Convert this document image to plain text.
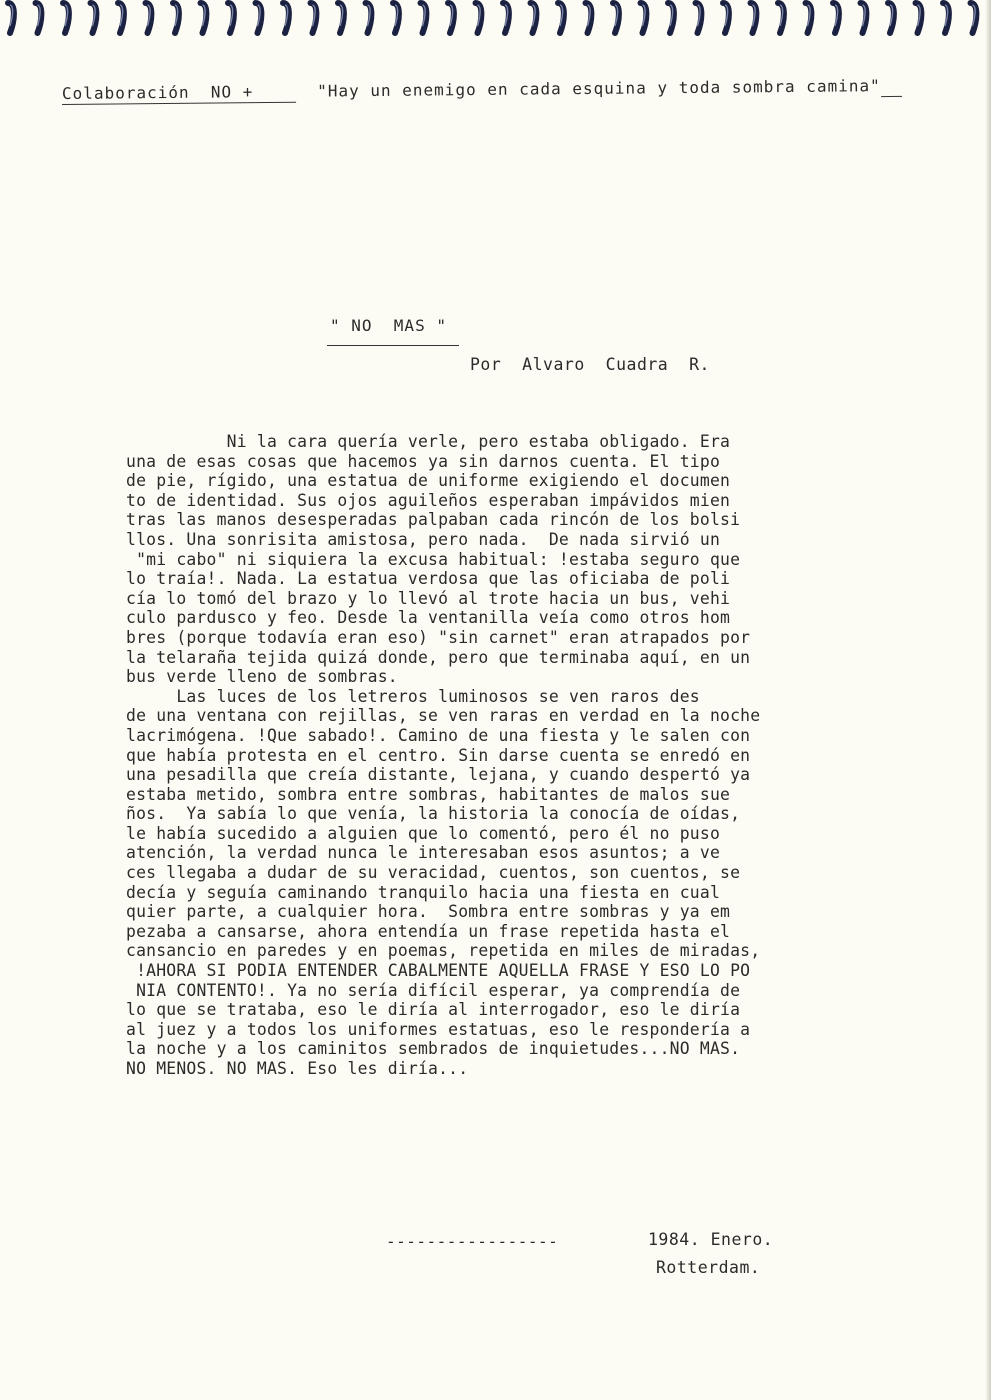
Colaboración NO +	"Hay un enemigo en cada esquina y toda sombra camina"
" NO  MAS "
Por  Alvaro  Cuadra  R.
Ni la cara quería verle, pero estaba obligado. Era
una de esas cosas que hacemos ya sin darnos cuenta. El tipo
de pie, rígido, una estatua de uniforme exigiendo el documen
to de identidad. Sus ojos aguileños esperaban impávidos mien
tras las manos desesperadas palpaban cada rincón de los bolsi
llos. Una sonrisita amistosa, pero nada.  De nada sirvió un
"mi cabo" ni siquiera la excusa habitual: !estaba seguro que
lo traía!. Nada. La estatua verdosa que las oficiaba de poli
cía lo tomó del brazo y lo llevó al trote hacia un bus, vehi
culo pardusco y feo. Desde la ventanilla veía como otros hom
bres (porque todavía eran eso) "sin carnet" eran atrapados por
la telaraña tejida quizá donde, pero que terminaba aquí, en un
bus verde lleno de sombras.
Las luces de los letreros luminosos se ven raros des
de una ventana con rejillas, se ven raras en verdad en la noche
lacrimógena. !Que sabado!. Camino de una fiesta y le salen con
que había protesta en el centro. Sin darse cuenta se enredó en
una pesadilla que creía distante, lejana, y cuando despertó ya
estaba metido, sombra entre sombras, habitantes de malos sue
ños.  Ya sabía lo que venía, la historia la conocía de oídas,
le había sucedido a alguien que lo comentó, pero él no puso
atención, la verdad nunca le interesaban esos asuntos; a ve
ces llegaba a dudar de su veracidad, cuentos, son cuentos, se
decía y seguía caminando tranquilo hacia una fiesta en cual
quier parte, a cualquier hora.  Sombra entre sombras y ya em
pezaba a cansarse, ahora entendía un frase repetida hasta el
cansancio en paredes y en poemas, repetida en miles de miradas,
!AHORA SI PODIA ENTENDER CABALMENTE AQUELLA FRASE Y ESO LO PO
NIA CONTENTO!. Ya no sería difícil esperar, ya comprendía de
lo que se trataba, eso le diría al interrogador, eso le diría
al juez y a todos los uniformes estatuas, eso le respondería a
la noche y a los caminitos sembrados de inquietudes...NO MAS.
NO MENOS. NO MAS. Eso les diría...
-----------------	1984. Enero.
Rotterdam.
